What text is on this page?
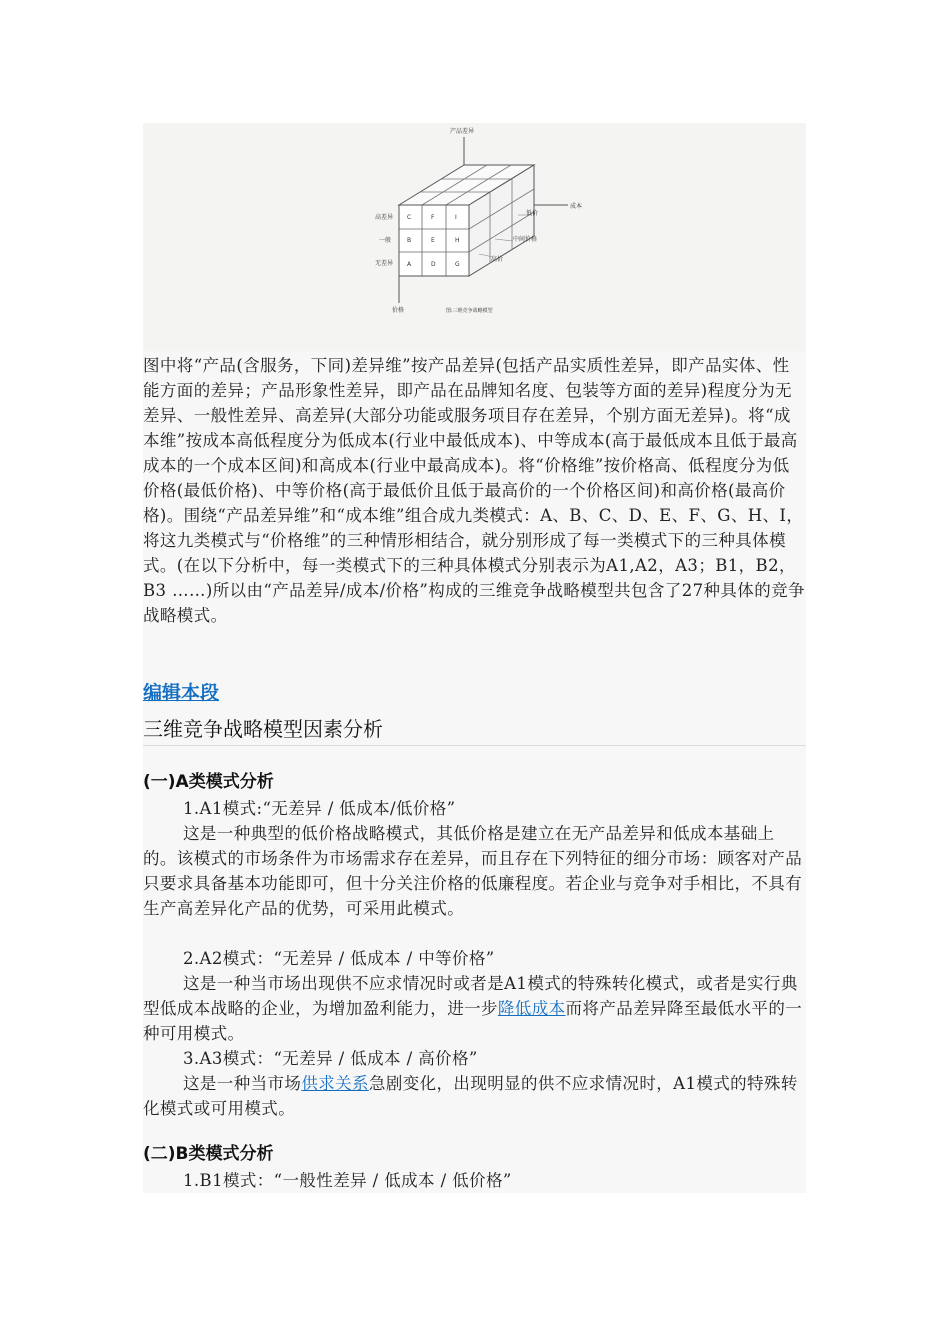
产品差异
成本
低价
中间价格
高价
高差异
一般
无差异
C	F	I
B	E	H
A	D	G
价格	图:三维竞争战略模型

图中将“产品(含服务，下同)差异维”按产品差异(包括产品实质性差异，即产品实体、性能方面的差异；产品形象性差异，即产品在品牌知名度、包装等方面的差异)程度分为无差异、一般性差异、高差异(大部分功能或服务项目存在差异，个别方面无差异)。将“成本维”按成本高低程度分为低成本(行业中最低成本)、中等成本(高于最低成本且低于最高成本的一个成本区间)和高成本(行业中最高成本)。将“价格维”按价格高、低程度分为低价格(最低价格)、中等价格(高于最低价且低于最高价的一个价格区间)和高价格(最高价格)。围绕“产品差异维”和“成本维”组合成九类模式：A、B、C、D、E、F、G、H、I，将这九类模式与“价格维”的三种情形相结合，就分别形成了每一类模式下的三种具体模式。(在以下分析中，每一类模式下的三种具体模式分别表示为A1,A2，A3；B1，B2，B3 ……)所以由“产品差异/成本/价格”构成的三维竞争战略模型共包含了27种具体的竞争战略模式。

编辑本段
三维竞争战略模型因素分析
(一)A类模式分析

1.A1模式:“无差异 / 低成本/低价格”

这是一种典型的低价格战略模式，其低价格是建立在无产品差异和低成本基础上的。该模式的市场条件为市场需求存在差异，而且存在下列特征的细分市场：顾客对产品只要求具备基本功能即可，但十分关注价格的低廉程度。若企业与竞争对手相比，不具有生产高差异化产品的优势，可采用此模式。

2.A2模式：“无差异 / 低成本 / 中等价格”

这是一种当市场出现供不应求情况时或者是A1模式的特殊转化模式，或者是实行典型低成本战略的企业，为增加盈利能力，进一步降低成本而将产品差异降至最低水平的一种可用模式。

3.A3模式：“无差异 / 低成本 / 高价格”

这是一种当市场供求关系急剧变化，出现明显的供不应求情况时，A1模式的特殊转化模式或可用模式。

(二)B类模式分析

1.B1模式：“一般性差异 / 低成本 / 低价格”
